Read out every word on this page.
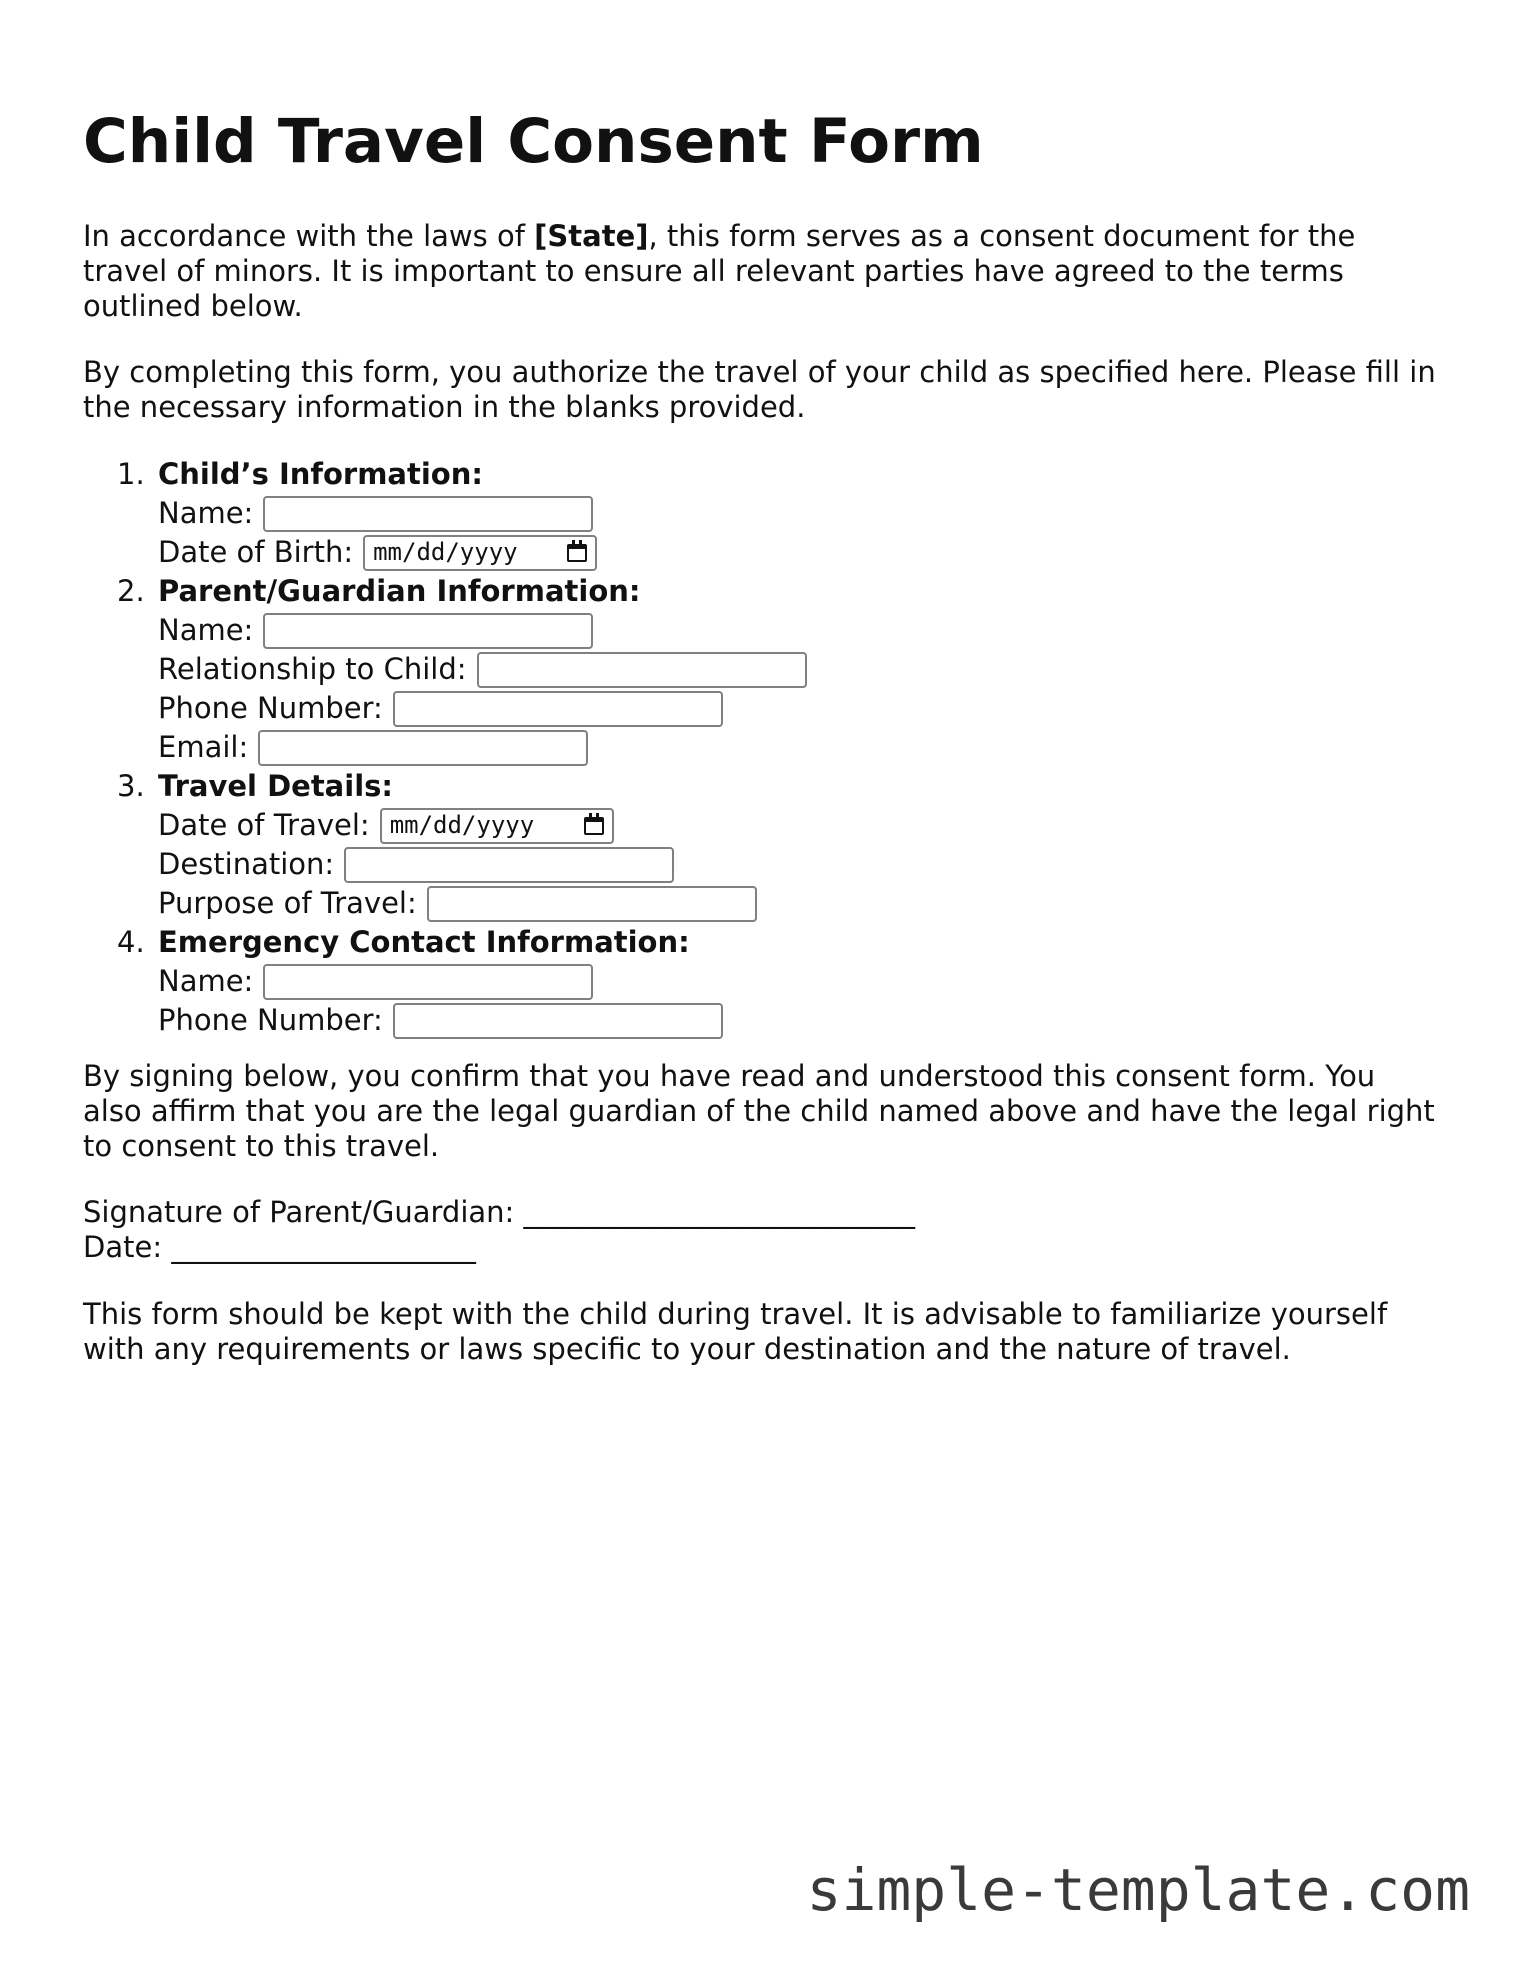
Child Travel Consent Form

In accordance with the laws of [State], this form serves as a consent document for the travel of minors. It is important to ensure all relevant parties have agreed to the terms outlined below.

By completing this form, you authorize the travel of your child as specified here. Please fill in the necessary information in the blanks provided.

1. Child’s Information:
Name:
Date of Birth: mm/dd/yyyy
2. Parent/Guardian Information:
Name:
Relationship to Child:
Phone Number:
Email:
3. Travel Details:
Date of Travel: mm/dd/yyyy
Destination:
Purpose of Travel:
4. Emergency Contact Information:
Name:
Phone Number:

By signing below, you confirm that you have read and understood this consent form. You also affirm that you are the legal guardian of the child named above and have the legal right to consent to this travel.

Signature of Parent/Guardian: ___________________________
Date: _____________________

This form should be kept with the child during travel. It is advisable to familiarize yourself with any requirements or laws specific to your destination and the nature of travel.

simple-template.com
